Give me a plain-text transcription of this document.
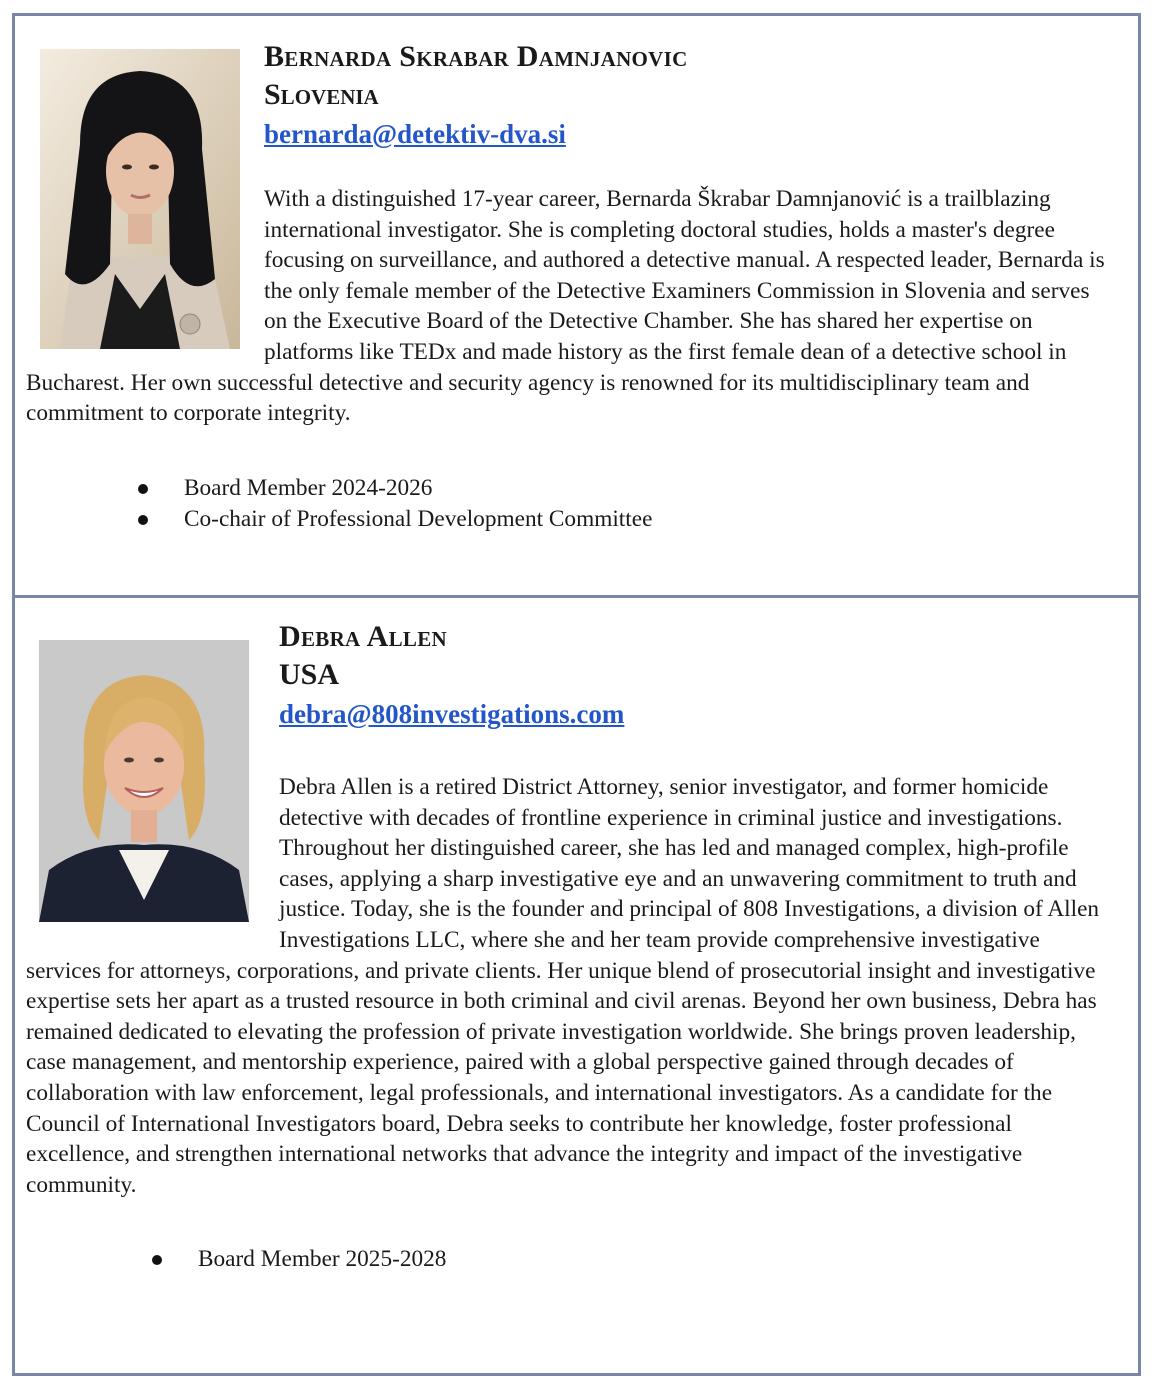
Bernarda Skrabar Damnjanovic
Slovenia
bernarda@detektiv-dva.si

With a distinguished 17-year career, Bernarda Škrabar Damnjanović is a trailblazing international investigator. She is completing doctoral studies, holds a master's degree focusing on surveillance, and authored a detective manual. A respected leader, Bernarda is the only female member of the Detective Examiners Commission in Slovenia and serves on the Executive Board of the Detective Chamber. She has shared her expertise on platforms like TEDx and made history as the first female dean of a detective school in Bucharest. Her own successful detective and security agency is renowned for its multidisciplinary team and commitment to corporate integrity.

Board Member 2024-2026
Co-chair of Professional Development Committee
Debra Allen
USA
debra@808investigations.com

Debra Allen is a retired District Attorney, senior investigator, and former homicide detective with decades of frontline experience in criminal justice and investigations. Throughout her distinguished career, she has led and managed complex, high-profile cases, applying a sharp investigative eye and an unwavering commitment to truth and justice. Today, she is the founder and principal of 808 Investigations, a division of Allen Investigations LLC, where she and her team provide comprehensive investigative services for attorneys, corporations, and private clients. Her unique blend of prosecutorial insight and investigative expertise sets her apart as a trusted resource in both criminal and civil arenas. Beyond her own business, Debra has remained dedicated to elevating the profession of private investigation worldwide. She brings proven leadership, case management, and mentorship experience, paired with a global perspective gained through decades of collaboration with law enforcement, legal professionals, and international investigators. As a candidate for the Council of International Investigators board, Debra seeks to contribute her knowledge, foster professional excellence, and strengthen international networks that advance the integrity and impact of the investigative community.

Board Member 2025-2028
